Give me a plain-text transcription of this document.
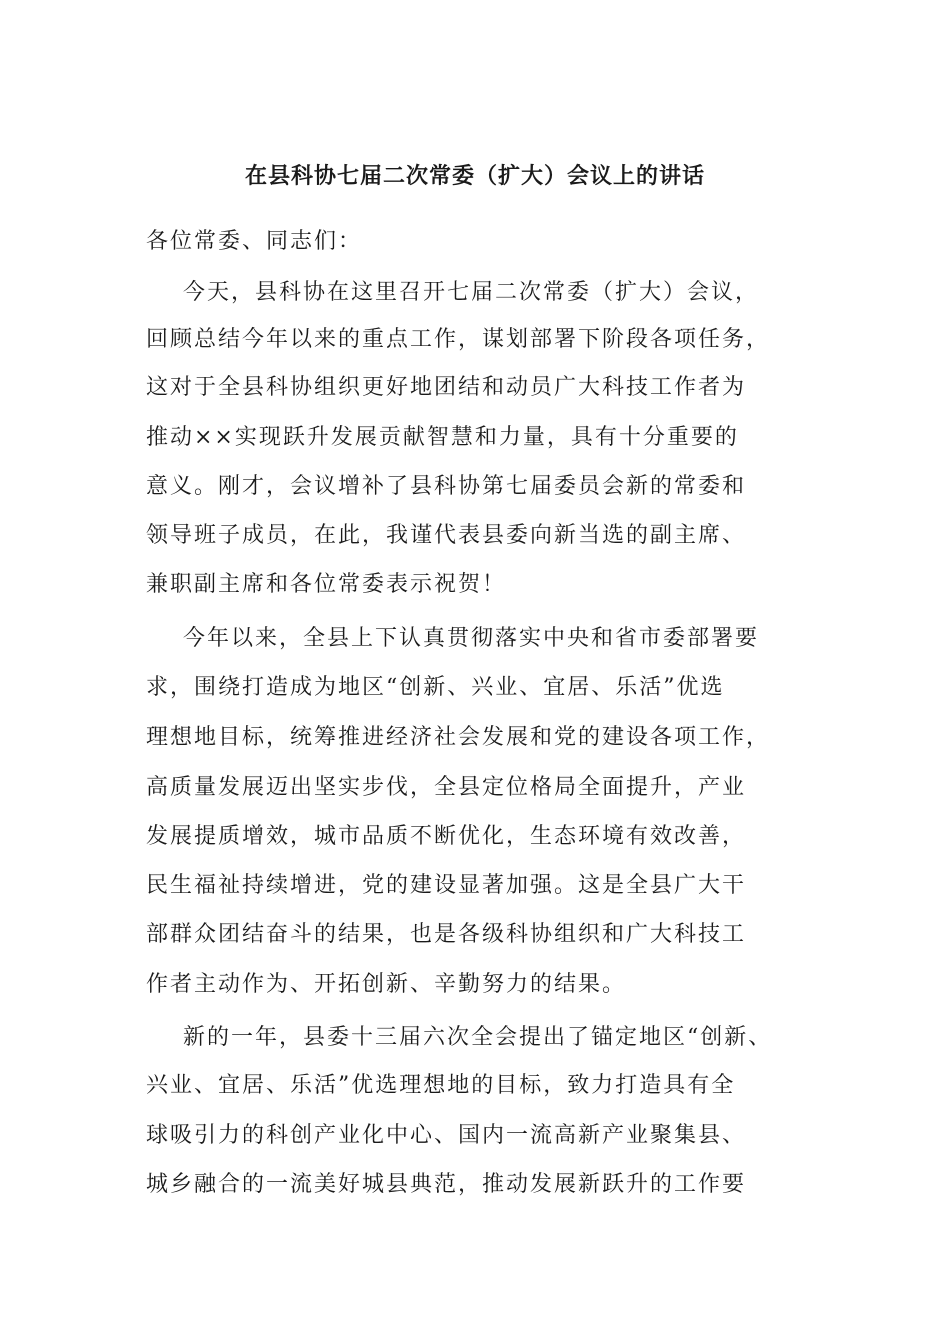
在县科协七届二次常委（扩大）会议上的讲话
各位常委、同志们：
今天，县科协在这里召开七届二次常委（扩大）会议，
回顾总结今年以来的重点工作，谋划部署下阶段各项任务，
这对于全县科协组织更好地团结和动员广大科技工作者为
推动××实现跃升发展贡献智慧和力量，具有十分重要的
意义。刚才，会议增补了县科协第七届委员会新的常委和
领导班子成员，在此，我谨代表县委向新当选的副主席、
兼职副主席和各位常委表示祝贺！
今年以来，全县上下认真贯彻落实中央和省市委部署要
求，围绕打造成为地区“创新、兴业、宜居、乐活”优选
理想地目标，统筹推进经济社会发展和党的建设各项工作，
高质量发展迈出坚实步伐，全县定位格局全面提升，产业
发展提质增效，城市品质不断优化，生态环境有效改善，
民生福祉持续增进，党的建设显著加强。这是全县广大干
部群众团结奋斗的结果，也是各级科协组织和广大科技工
作者主动作为、开拓创新、辛勤努力的结果。
新的一年，县委十三届六次全会提出了锚定地区“创新、
兴业、宜居、乐活”优选理想地的目标，致力打造具有全
球吸引力的科创产业化中心、国内一流高新产业聚集县、
城乡融合的一流美好城县典范，推动发展新跃升的工作要
